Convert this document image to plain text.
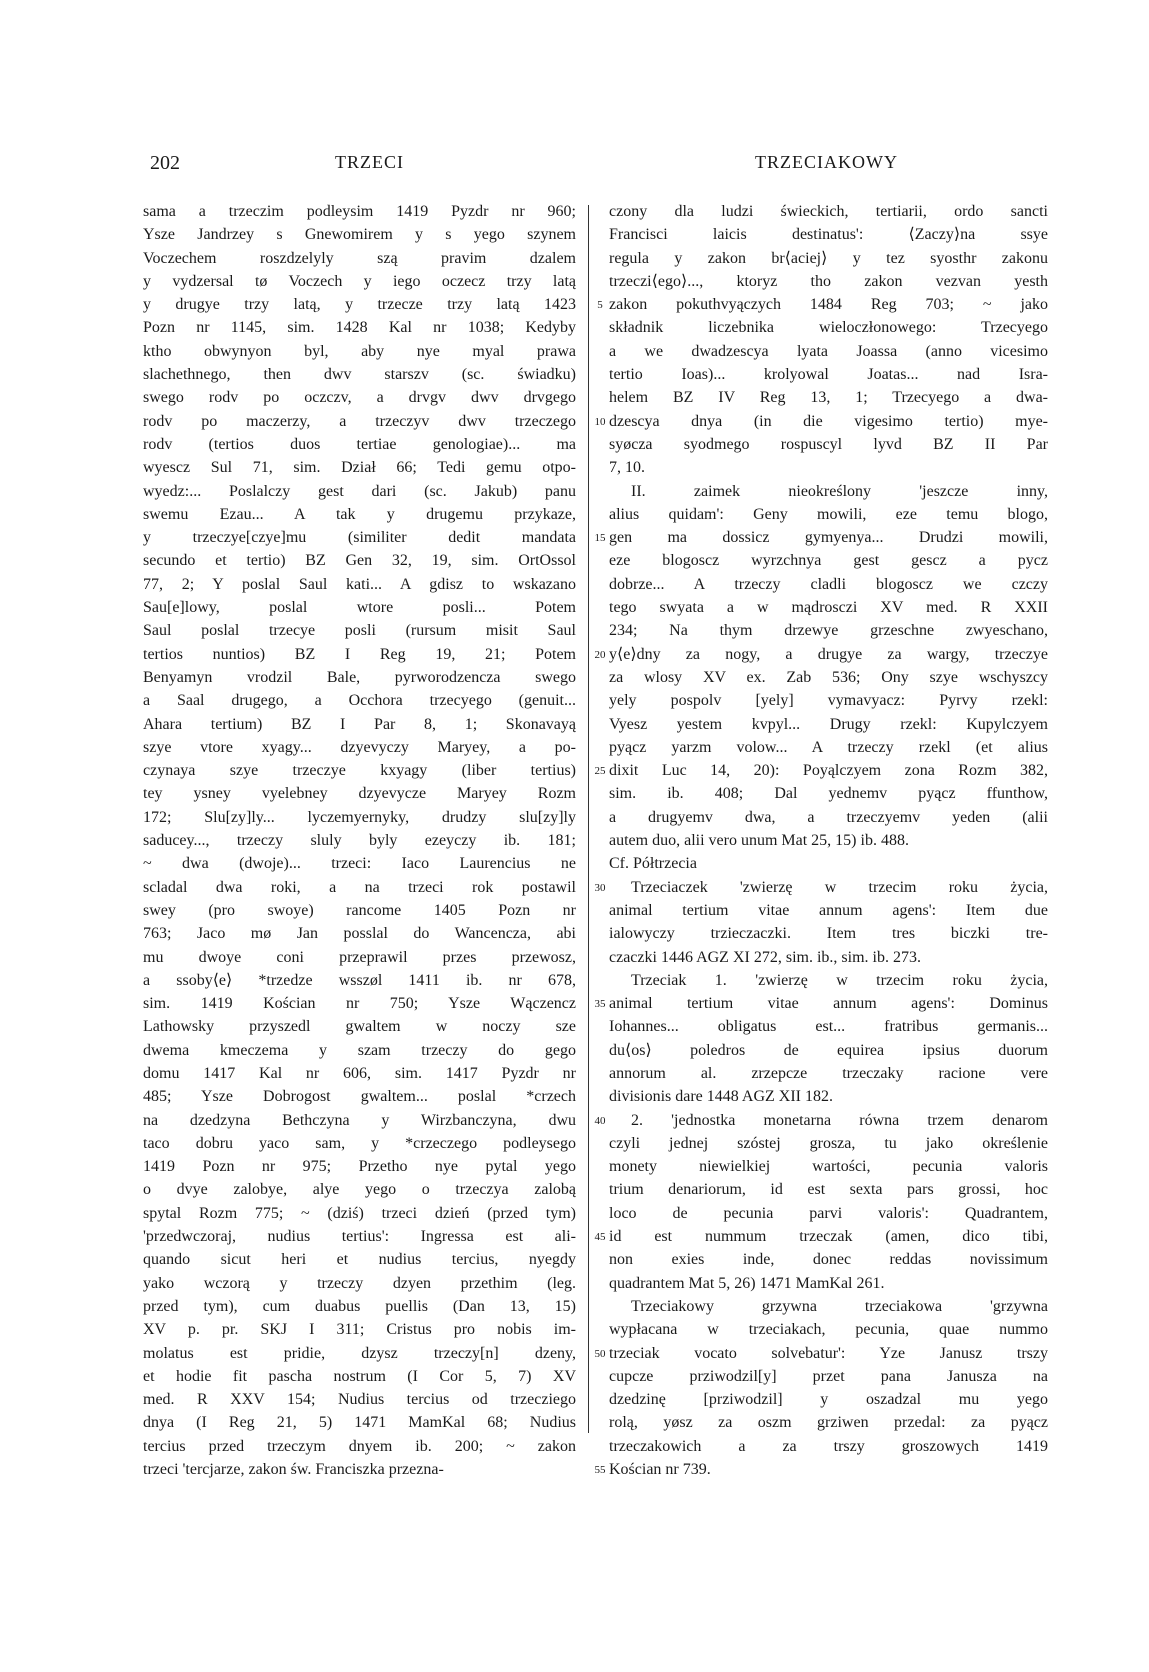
202	TRZECI	TRZECIAKOWY
sama a trzeczim podleysim 1419 Pyzdr nr 960;
Ysze Jandrzey s Gnewomirem y s yego szynem
Voczechem roszdzelyly szą pravim dzalem
y vydzersal tø Voczech y iego oczecz trzy latą
y drugye trzy latą, y trzecze trzy latą 1423
Pozn nr 1145, sim. 1428 Kal nr 1038; Kedyby
ktho obwynyon byl, aby nye myal prawa
slachethnego, then dwv starszv (sc. świadku)
swego rodv po oczczv, a drvgv dwv drvgego
rodv po maczerzy, a trzeczyv dwv trzeczego
rodv (tertios duos tertiae genologiae)... ma
wyescz Sul 71, sim. Dział 66; Tedi gemu otpo-
wyedz:... Poslalczy gest dari (sc. Jakub) panu
swemu Ezau... A tak y drugemu przykaze,
y trzeczye[czye]mu (similiter dedit mandata
secundo et tertio) BZ Gen 32, 19, sim. OrtOssol
77, 2; Y poslal Saul kati... A gdisz to wskazano
Sau[e]lowy, poslal wtore posli... Potem
Saul poslal trzecye posli (rursum misit Saul
tertios nuntios) BZ I Reg 19, 21; Potem
Benyamyn vrodzil Bale, pyrworodzencza swego
a Saal drugego, a Occhora trzecyego (genuit...
Ahara tertium) BZ I Par 8, 1; Skonavayą
szye vtore xyagy... dzyevyczy Maryey, a po-
czynaya szye trzeczye kxyagy (liber tertius)
tey ysney vyelebney dzyevycze Maryey Rozm
172; Slu[zy]ly... lyczemyernyky, drudzy slu[zy]ly
saducey..., trzeczy sluly byly ezeyczy ib. 181;
~ dwa (dwoje)... trzeci: Iaco Laurencius ne
scladal dwa roki, a na trzeci rok postawil
swey (pro swoye) rancome 1405 Pozn nr
763; Jaco mø Jan posslal do Wancencza, abi
mu dwoye coni przeprawil przes przewosz,
a ssoby⟨e⟩ *trzedze wsszøl 1411 ib. nr 678,
sim. 1419 Kościan nr 750; Ysze Wączencz
Lathowsky przyszedl gwaltem w noczy sze
dwema kmeczema y szam trzeczy do gego
domu 1417 Kal nr 606, sim. 1417 Pyzdr nr
485; Ysze Dobrogost gwaltem... poslal *crzech
na dzedzyna Bethczyna y Wirzbanczyna, dwu
taco dobru yaco sam, y *crzeczego podleysego
1419 Pozn nr 975; Przetho nye pytal yego
o dvye zalobye, alye yego o trzeczya zalobą
spytal Rozm 775; ~ (dziś) trzeci dzień (przed tym)
'przedwczoraj, nudius tertius': Ingressa est ali-
quando sicut heri et nudius tercius, nyegdy
yako wczorą y trzeczy dzyen przethim (leg.
przed tym), cum duabus puellis (Dan 13, 15)
XV p. pr. SKJ I 311; Cristus pro nobis im-
molatus est pridie, dzysz trzeczy[n] dzeny,
et hodie fit pascha nostrum (I Cor 5, 7) XV
med. R XXV 154; Nudius tercius od trzecziego
dnya (I Reg 21, 5) 1471 MamKal 68; Nudius
tercius przed trzeczym dnyem ib. 200; ~ zakon
trzeci 'tercjarze, zakon św. Franciszka przezna-
5
10
15
20
25
30
35
40
45
50
55
czony dla ludzi świeckich, tertiarii, ordo sancti
Francisci laicis destinatus': ⟨Zaczy⟩na ssye
regula y zakon br⟨aciej⟩ y tez syosthr zakonu
trzeczi⟨ego⟩..., ktoryz tho zakon vezvan yesth
zakon pokuthvyączych 1484 Reg 703; ~ jako
składnik liczebnika wieloczłonowego: Trzecyego
a we dwadzescya lyata Joassa (anno vicesimo
tertio Ioas)... krolyowal Joatas... nad Isra-
helem BZ IV Reg 13, 1; Trzecyego a dwa-
dzescya dnya (in die vigesimo tertio) mye-
syøcza syodmego rospuscyl lyvd BZ II Par
7, 10.
II. zaimek nieokreślony 'jeszcze inny,
alius quidam': Geny mowili, eze temu blogo,
gen ma dossicz gymyenya... Drudzi mowili,
eze blogoscz wyrzchnya gest gescz a pycz
dobrze... A trzeczy cladli blogoscz we czczy
tego swyata a w mądrosczi XV med. R XXII
234; Na thym drzewye grzeschne zwyeschano,
y⟨e⟩dny za nogy, a drugye za wargy, trzeczye
za wlosy XV ex. Zab 536; Ony szye wschyszcy
yely pospolv [yely] vymavyacz: Pyrvy rzekl:
Vyesz yestem kvpyl... Drugy rzekl: Kupylczyem
pyącz yarzm volow... A trzeczy rzekl (et alius
dixit Luc 14, 20): Poyąlczyem zona Rozm 382,
sim. ib. 408; Dal yednemv pyącz ffunthow,
a drugyemv dwa, a trzeczyemv yeden (alii
autem duo, alii vero unum Mat 25, 15) ib. 488.
Cf. Półtrzecia
Trzeciaczek 'zwierzę w trzecim roku życia,
animal tertium vitae annum agens': Item due
ialowyczy trzieczaczki. Item tres biczki tre-
czaczki 1446 AGZ XI 272, sim. ib., sim. ib. 273.
Trzeciak 1. 'zwierzę w trzecim roku życia,
animal tertium vitae annum agens': Dominus
Iohannes... obligatus est... fratribus germanis...
du⟨os⟩ poledros de equirea ipsius duorum
annorum al. zrzepcze trzeczaky racione vere
divisionis dare 1448 AGZ XII 182.
2. 'jednostka monetarna równa trzem denarom
czyli jednej szóstej grosza, tu jako określenie
monety niewielkiej wartości, pecunia valoris
trium denariorum, id est sexta pars grossi, hoc
loco de pecunia parvi valoris': Quadrantem,
id est nummum trzeczak (amen, dico tibi,
non exies inde, donec reddas novissimum
quadrantem Mat 5, 26) 1471 MamKal 261.
Trzeciakowy grzywna trzeciakowa 'grzywna
wypłacana w trzeciakach, pecunia, quae nummo
trzeciak vocato solvebatur': Yze Janusz trszy
cupcze prziwodzil[y] przet pana Janusza na
dzedzinę [prziwodzil] y oszadzal mu yego
rolą, yøsz za oszm grziwen przedal: za pyącz
trzeczakowich a za trszy groszowych 1419
Kościan nr 739.
